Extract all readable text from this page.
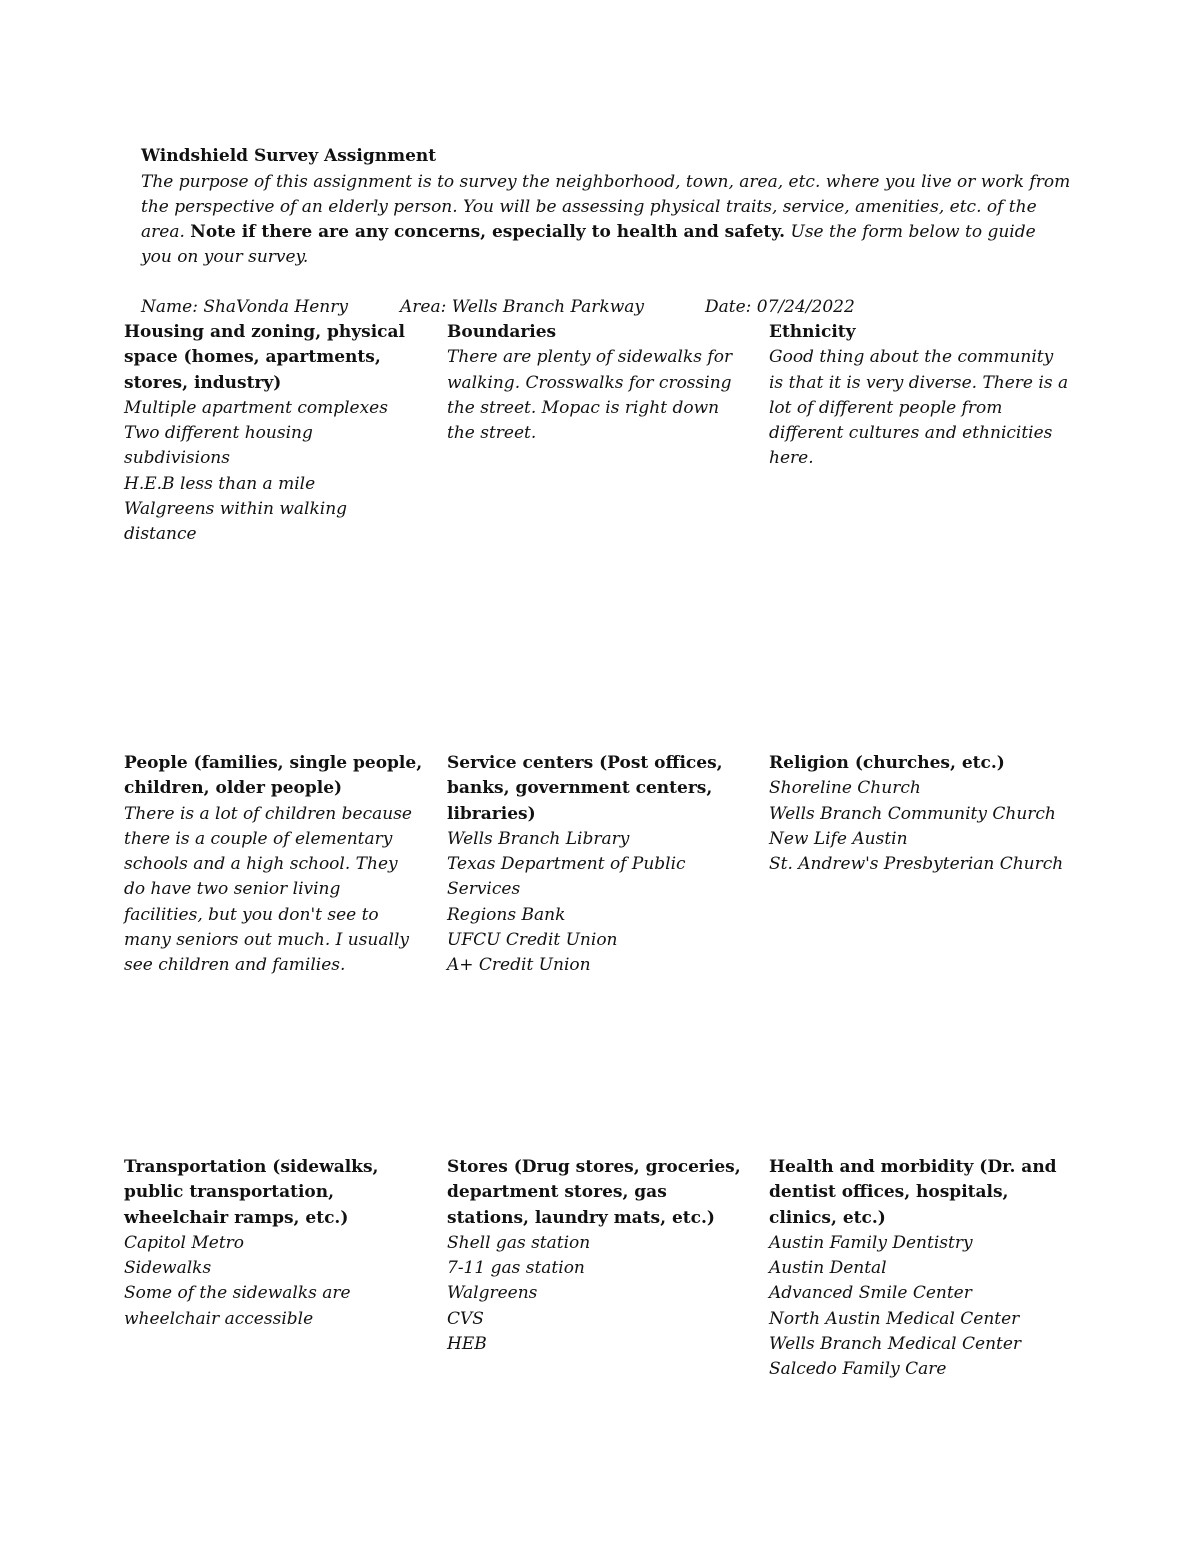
Windshield Survey Assignment

The purpose of this assignment is to survey the neighborhood, town, area, etc. where you live or work from the perspective of an elderly person. You will be assessing physical traits, service, amenities, etc. of the area. Note if there are any concerns, especially to health and safety. Use the form below to guide you on your survey.

Name: ShaVonda Henry	Area: Wells Branch Parkway	Date: 07/24/2022
Housing and zoning, physical space (homes, apartments, stores, industry)
Multiple apartment complexes
Two different housing subdivisions
H.E.B less than a mile
Walgreens within walking distance
Boundaries

There are plenty of sidewalks for walking. Crosswalks for crossing the street. Mopac is right down the street.

Ethnicity

Good thing about the community is that it is very diverse. There is a lot of different people from different cultures and ethnicities here.

People (families, single people, children, older people)

There is a lot of children because there is a couple of elementary schools and a high school. They do have two senior living facilities, but you don't see to many seniors out much. I usually see children and families.

Service centers (Post offices, banks, government centers, libraries)
Wells Branch Library
Texas Department of Public Services
Regions Bank
UFCU Credit Union
A+ Credit Union
Religion (churches, etc.)
Shoreline Church
Wells Branch Community Church
New Life Austin
St. Andrew's Presbyterian Church
Transportation (sidewalks, public transportation, wheelchair ramps, etc.)
Capitol Metro
Sidewalks
Some of the sidewalks are wheelchair accessible
Stores (Drug stores, groceries, department stores, gas stations, laundry mats, etc.)
Shell gas station
7-11 gas station
Walgreens
CVS
HEB
Health and morbidity (Dr. and dentist offices, hospitals, clinics, etc.)
Austin Family Dentistry
Austin Dental
Advanced Smile Center
North Austin Medical Center
Wells Branch Medical Center
Salcedo Family Care
